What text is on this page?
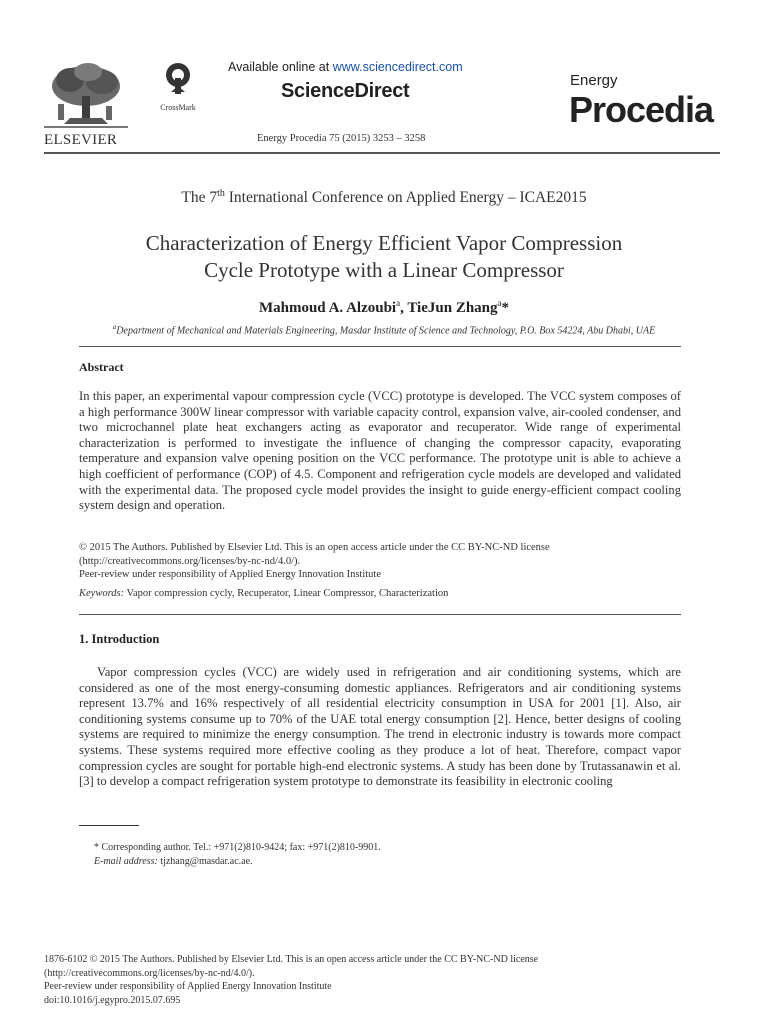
ELSEVIER
CrossMark
Available online at www.sciencedirect.com
ScienceDirect
Energy Procedia 75 (2015) 3253 – 3258
Energy
Procedia
The 7th International Conference on Applied Energy – ICAE2015
Characterization of Energy Efficient Vapor Compression
Cycle Prototype with a Linear Compressor
Mahmoud A. Alzoubi$^a$, TieJun Zhang$^a$*
$^a$Department of Mechanical and Materials Engineering, Masdar Institute of Science and Technology, P.O. Box 54224, Abu Dhabi, UAE
Abstract
In this paper, an experimental vapour compression cycle (VCC) prototype is developed. The VCC system composes of a high performance 300W linear compressor with variable capacity control, expansion valve, air-cooled condenser, and two microchannel plate heat exchangers acting as evaporator and recuperator. Wide range of experimental characterization is performed to investigate the influence of changing the compressor capacity, evaporating temperature and expansion valve opening position on the VCC performance. The prototype unit is able to achieve a high coefficient of performance (COP) of 4.5. Component and refrigeration cycle models are developed and validated with the experimental data. The proposed cycle model provides the insight to guide energy-efficient compact cooling system design and operation.
© 2015 The Authors. Published by Elsevier Ltd. This is an open access article under the CC BY-NC-ND license
(http://creativecommons.org/licenses/by-nc-nd/4.0/).
Peer-review under responsibility of Applied Energy Innovation Institute
Keywords: Vapor compression cycly, Recuperator, Linear Compressor, Characterization
1. Introduction
Vapor compression cycles (VCC) are widely used in refrigeration and air conditioning systems, which are considered as one of the most energy-consuming domestic appliances. Refrigerators and air conditioning systems represent 13.7% and 16% respectively of all residential electricity consumption in USA for 2001 [1]. Also, air conditioning systems consume up to 70% of the UAE total energy consumption [2]. Hence, better designs of cooling systems are required to minimize the energy consumption. The trend in electronic industry is towards more compact systems. These systems required more effective cooling as they produce a lot of heat. Therefore, compact vapor compression cycles are sought for portable high-end electronic systems. A study has been done by Trutassanawin et al. [3] to develop a compact refrigeration system prototype to demonstrate its feasibility in electronic cooling
* Corresponding author. Tel.: +971(2)810-9424; fax: +971(2)810-9901.
E-mail address: tjzhang@masdar.ac.ae.
1876-6102 © 2015 The Authors. Published by Elsevier Ltd. This is an open access article under the CC BY-NC-ND license
(http://creativecommons.org/licenses/by-nc-nd/4.0/).
Peer-review under responsibility of Applied Energy Innovation Institute
doi:10.1016/j.egypro.2015.07.695
